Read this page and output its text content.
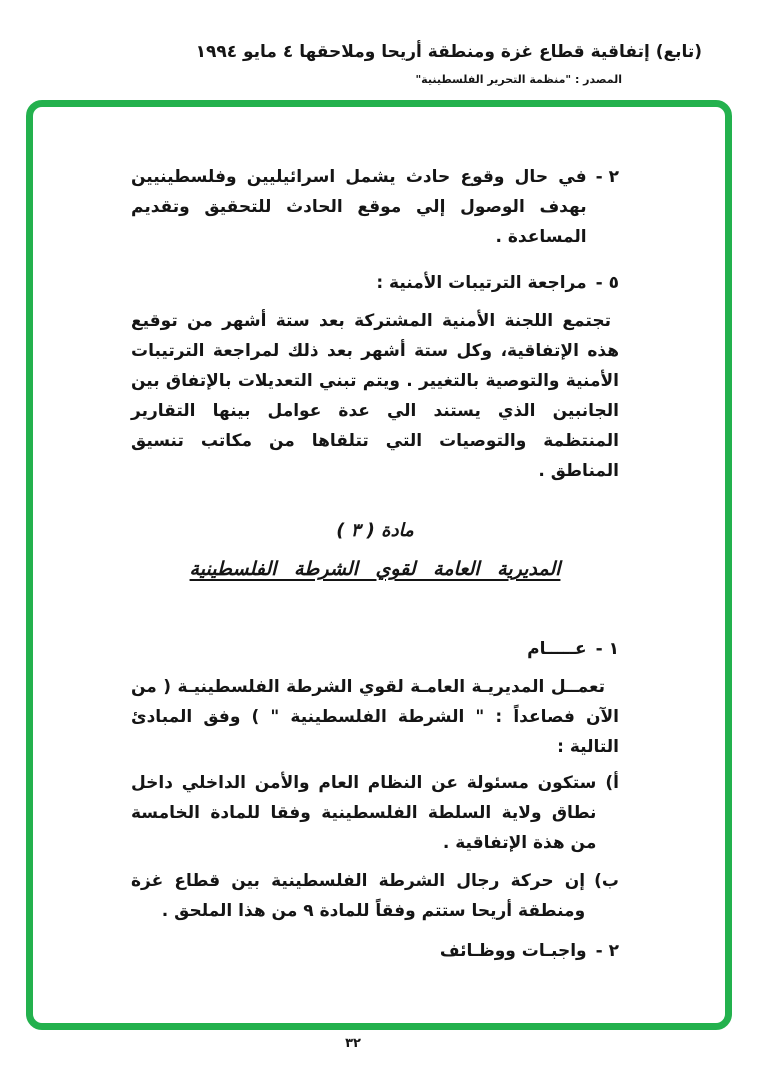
(تابع) إتفاقية قطاع غزة ومنطقة أريحا وملاحقها ٤ مايو ١٩٩٤
المصدر : "منظمة التحرير الفلسطينية"
٢ -
في حال وقوع حادث يشمل اسرائيليين وفلسطينيين بهدف الوصول إلي موقع الحادث للتحقيق وتقديم المساعدة .
٥ -
مراجعة الترتيبات الأمنية :

تجتمع اللجنة الأمنية المشتركة بعد ستة أشهر من توقيع هذه الإتفاقية، وكل ستة أشهر بعد ذلك لمراجعة الترتيبات الأمنية والتوصية بالتغيير . ويتم تبني التعديلات بالإتفاق بين الجانبين الذي يستند الي عدة عوامل بينها التقارير المنتظمة والتوصيات التي تتلقاها من مكاتب تنسيق المناطق .

مادة ( ٣ )
المديرية العامة لقوي الشرطة الفلسطينية
١ -
عـــــام

تعمــل المديريـة العامـة لقوي الشرطة الفلسطينيـة ( من الآن فصاعداً : " الشرطة الفلسطينية " ) وفق المبادئ التالية :

أ)
ستكون مسئولة عن النظام العام والأمن الداخلي داخل نطاق ولاية السلطة الفلسطينية وفقا للمادة الخامسة من هذة الإتفاقية .
ب)
إن حركة رجال الشرطة الفلسطينية بين قطاع غزة ومنطقة أريحا ستتم وفقاً للمادة ٩ من هذا الملحق .
٢ -
واجبـات ووظـائف
٣٢
